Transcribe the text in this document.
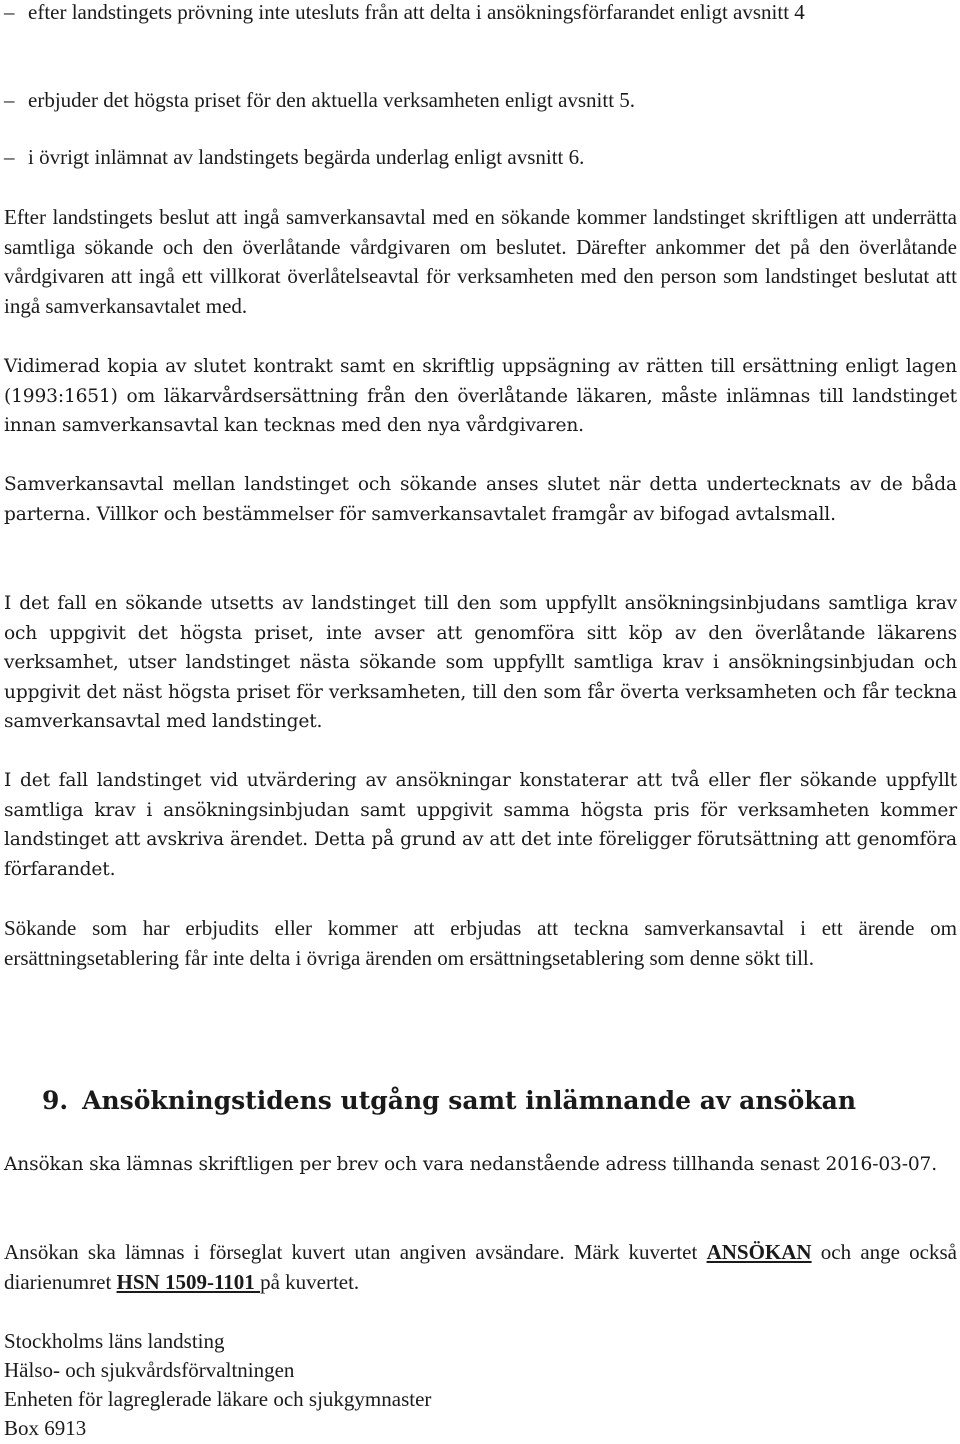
– efter landstingets prövning inte utesluts från att delta i ansökningsförfarandet enligt avsnitt 4
– erbjuder det högsta priset för den aktuella verksamheten enligt avsnitt 5.
– i övrigt inlämnat av landstingets begärda underlag enligt avsnitt 6.
Efter landstingets beslut att ingå samverkansavtal med en sökande kommer landstinget skriftligen att underrätta samtliga sökande och den överlåtande vårdgivaren om beslutet. Därefter ankommer det på den överlåtande vårdgivaren att ingå ett villkorat överlåtelseavtal för verksamheten med den person som landstinget beslutat att ingå samverkansavtalet med.
Vidimerad kopia av slutet kontrakt samt en skriftlig uppsägning av rätten till ersättning enligt lagen (1993:1651) om läkarvårdsersättning från den överlåtande läkaren, måste inlämnas till landstinget innan samverkansavtal kan tecknas med den nya vårdgivaren.
Samverkansavtal mellan landstinget och sökande anses slutet när detta undertecknats av de båda parterna. Villkor och bestämmelser för samverkansavtalet framgår av bifogad avtalsmall.
I det fall en sökande utsetts av landstinget till den som uppfyllt ansökningsinbjudans samtliga krav och uppgivit det högsta priset, inte avser att genomföra sitt köp av den överlåtande läkarens verksamhet, utser landstinget nästa sökande som uppfyllt samtliga krav i ansökningsinbjudan och uppgivit det näst högsta priset för verksamheten, till den som får överta verksamheten och får teckna samverkansavtal med landstinget.
I det fall landstinget vid utvärdering av ansökningar konstaterar att två eller fler sökande uppfyllt samtliga krav i ansökningsinbjudan samt uppgivit samma högsta pris för verksamheten kommer landstinget att avskriva ärendet. Detta på grund av att det inte föreligger förutsättning att genomföra förfarandet.
Sökande som har erbjudits eller kommer att erbjudas att teckna samverkansavtal i ett ärende om ersättningsetablering får inte delta i övriga ärenden om ersättningsetablering som denne sökt till.
9. Ansökningstidens utgång samt inlämnande av ansökan
Ansökan ska lämnas skriftligen per brev och vara nedanstående adress tillhanda senast 2016-03-07.
Ansökan ska lämnas i förseglat kuvert utan angiven avsändare. Märk kuvertet ANSÖKAN och ange också diarienumret HSN 1509-1101 på kuvertet.
Stockholms läns landsting
Hälso- och sjukvårdsförvaltningen
Enheten för lagreglerade läkare och sjukgymnaster
Box 6913
